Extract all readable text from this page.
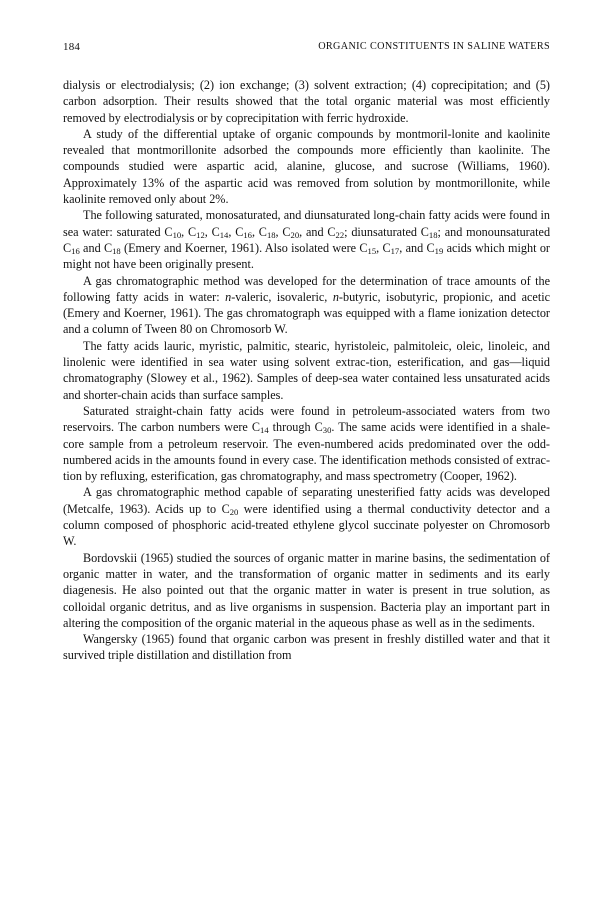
184	ORGANIC CONSTITUENTS IN SALINE WATERS

dialysis or electrodialysis; (2) ion exchange; (3) solvent extraction; (4) coprecipitation; and (5) carbon adsorption. Their results showed that the total organic material was most efficiently removed by electrodialysis or by coprecipitation with ferric hydroxide.

A study of the differential uptake of organic compounds by montmoril-lonite and kaolinite revealed that montmorillonite adsorbed the compounds more efficiently than kaolinite. The compounds studied were aspartic acid, alanine, glucose, and sucrose (Williams, 1960). Approximately 13% of the aspartic acid was removed from solution by montmorillonite, while kaolinite removed only about 2%.

The following saturated, monosaturated, and diunsaturated long-chain fatty acids were found in sea water: saturated $C_{10}$, $C_{12}$, $C_{14}$, $C_{16}$, $C_{18}$, $C_{20}$, and $C_{22}$; diunsaturated $C_{18}$; and monounsaturated $C_{16}$ and $C_{18}$ (Emery and Koerner, 1961). Also isolated were $C_{15}$, $C_{17}$, and $C_{19}$ acids which might or might not have been originally present.

A gas chromatographic method was developed for the determination of trace amounts of the following fatty acids in water: n-valeric, isovaleric, n-butyric, isobutyric, propionic, and acetic (Emery and Koerner, 1961). The gas chromatograph was equipped with a flame ionization detector and a column of Tween 80 on Chromosorb W.

The fatty acids lauric, myristic, palmitic, stearic, hyristoleic, palmitoleic, oleic, linoleic, and linolenic were identified in sea water using solvent extrac-tion, esterification, and gas—liquid chromatography (Slowey et al., 1962). Samples of deep-sea water contained less unsaturated acids and shorter-chain acids than surface samples.

Saturated straight-chain fatty acids were found in petroleum-associated waters from two reservoirs. The carbon numbers were $C_{14}$ through $C_{30}$. The same acids were identified in a shale-core sample from a petroleum reservoir. The even-numbered acids predominated over the odd-numbered acids in the amounts found in every case. The identification methods consisted of extrac-tion by refluxing, esterification, gas chromatography, and mass spectrometry (Cooper, 1962).

A gas chromatographic method capable of separating unesterified fatty acids was developed (Metcalfe, 1963). Acids up to $C_{20}$ were identified using a thermal conductivity detector and a column composed of phosphoric acid-treated ethylene glycol succinate polyester on Chromosorb W.

Bordovskii (1965) studied the sources of organic matter in marine basins, the sedimentation of organic matter in water, and the transformation of organic matter in sediments and its early diagenesis. He also pointed out that the organic matter in water is present in true solution, as colloidal organic detritus, and as live organisms in suspension. Bacteria play an important part in altering the composition of the organic material in the aqueous phase as well as in the sediments.

Wangersky (1965) found that organic carbon was present in freshly distilled water and that it survived triple distillation and distillation from
